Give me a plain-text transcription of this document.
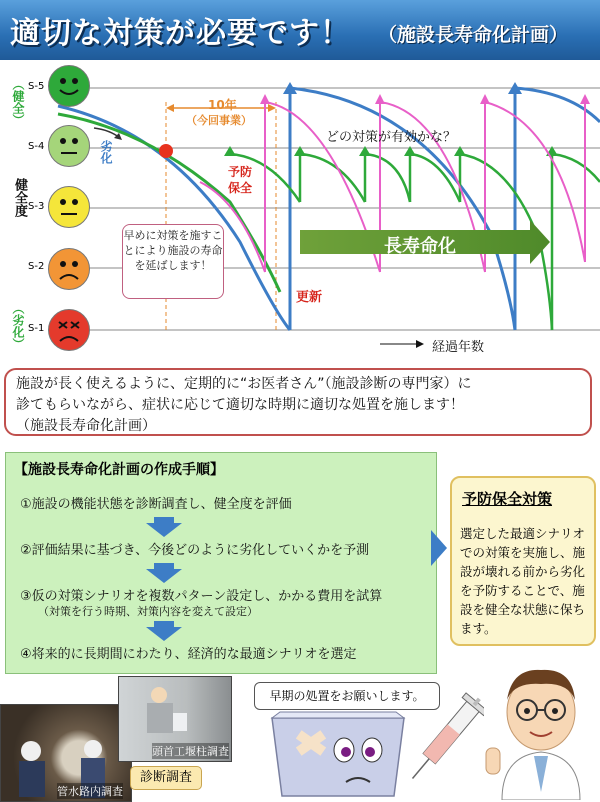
適切な対策が必要です！ （施設長寿命化計画）
（健全）
健全度
（劣化）
S-5
S-4
S-3
S-2
S-1
10年
（今回事業）
どの対策が有効かな？
劣化
予防保全
更新
長寿命化
経過年数
早めに対策を施すことにより施設の寿命を延ばします！
施設が長く使えるように、定期的に“お医者さん”（施設診断の専門家）に
診てもらいながら、症状に応じて適切な時期に適切な処置を施します！
（施設長寿命化計画）
【施設長寿命化計画の作成手順】
①施設の機能状態を診断調査し、健全度を評価
②評価結果に基づき、今後どのように劣化していくかを予測
③仮の対策シナリオを複数パターン設定し、かかる費用を試算
（対策を行う時期、対策内容を変えて設定）
④将来的に長期間にわたり、経済的な最適シナリオを選定
予防保全対策
選定した最適シナリオでの対策を実施し、施設が壊れる前から劣化を予防することで、施設を健全な状態に保ちます。
管水路内調査
頭首工堰柱調査
診断調査
早期の処置をお願いします。
